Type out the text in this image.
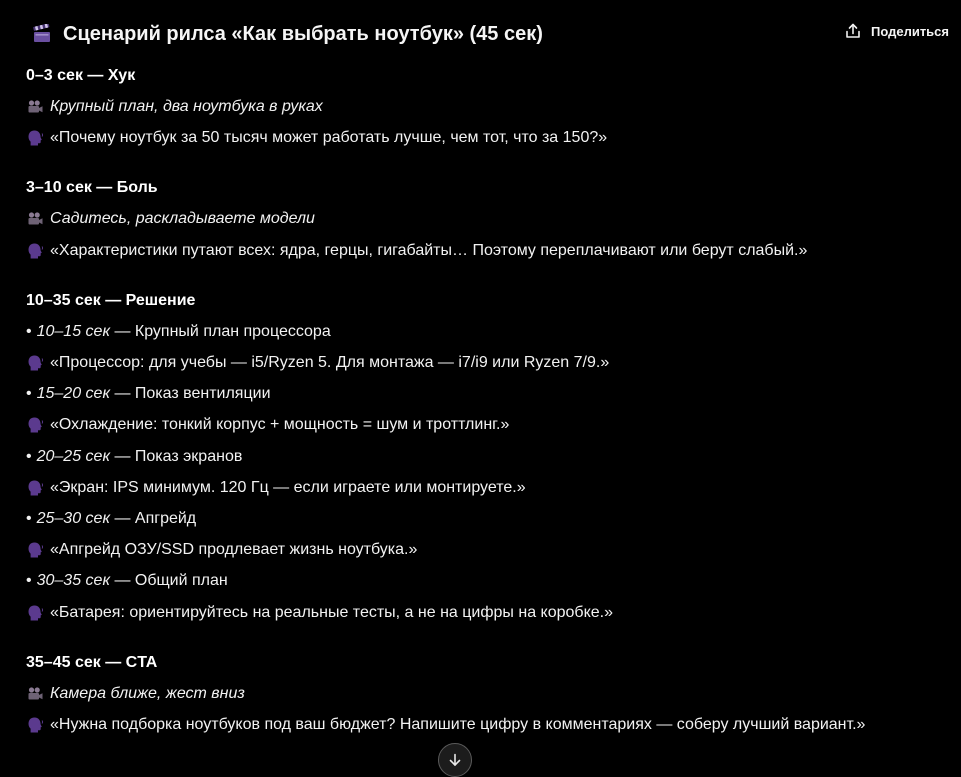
Сценарий рилса «Как выбрать ноутбук» (45 сек)	Поделиться
0–3 сек — Хук
Крупный план, два ноутбука в руках
«Почему ноутбук за 50 тысяч может работать лучше, чем тот, что за 150?»
3–10 сек — Боль
Садитесь, раскладываете модели
«Характеристики путают всех: ядра, герцы, гигабайты… Поэтому переплачивают или берут слабый.»
10–35 сек — Решение
• 10–15 сек — Крупный план процессора
«Процессор: для учебы — i5/Ryzen 5. Для монтажа — i7/i9 или Ryzen 7/9.»
• 15–20 сек — Показ вентиляции
«Охлаждение: тонкий корпус + мощность = шум и троттлинг.»
• 20–25 сек — Показ экранов
«Экран: IPS минимум. 120 Гц — если играете или монтируете.»
• 25–30 сек — Апгрейд
«Апгрейд ОЗУ/SSD продлевает жизнь ноутбука.»
• 30–35 сек — Общий план
«Батарея: ориентируйтесь на реальные тесты, а не на цифры на коробке.»
35–45 сек — CTA
Камера ближе, жест вниз
«Нужна подборка ноутбуков под ваш бюджет? Напишите цифру в комментариях — соберу лучший вариант.»
